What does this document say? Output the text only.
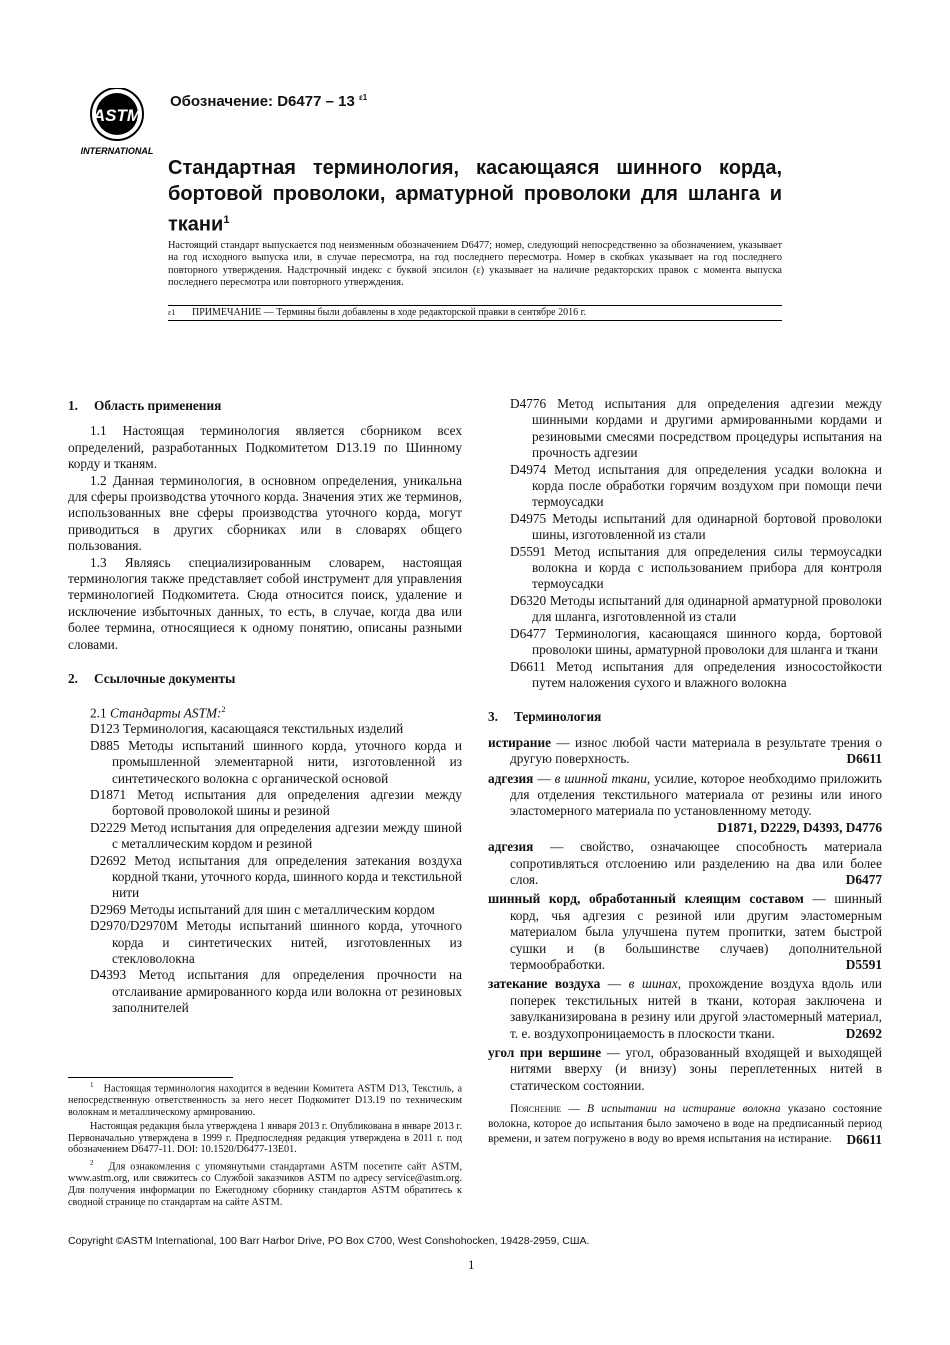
ASTM
INTERNATIONAL
Обозначение: D6477 – 13 $^{\varepsilon 1}$
Стандартная терминология, касающаяся шинного корда, бортовой проволоки, арматурной проволоки для шланга и ткани$^1$
Настоящий стандарт выпускается под неизменным обозначением D6477; номер, следующий непосредственно за обозначением, указывает на год исходного выпуска или, в случае пересмотра, на год последнего пересмотра. Номер в скобках указывает на год последнего повторного утверждения. Надстрочный индекс с буквой эпсилон (ε) указывает на наличие редакторских правок с момента выпуска последнего пересмотра или повторного утверждения.
ε1 ПРИМЕЧАНИЕ — Термины были добавлены в ходе редакторской правки в сентябре 2016 г.
1. Область применения

1.1 Настоящая терминология является сборником всех определений, разработанных Подкомитетом D13.19 по Шинному корду и тканям.

1.2 Данная терминология, в основном определения, уникальна для сферы производства уточного корда. Значения этих же терминов, использованных вне сферы производства уточного корда, могут приводиться в других сборниках или в словарях общего пользования.

1.3 Являясь специализированным словарем, настоящая терминология также представляет собой инструмент для управления терминологией Подкомитета. Сюда относится поиск, удаление и исключение избыточных данных, то есть, в случае, когда два или более термина, относящиеся к одному понятию, описаны разными словами.

2. Ссылочные документы

2.1 Стандарты ASTM:$^2$

D123 Терминология, касающаяся текстильных изделий
D885 Методы испытаний шинного корда, уточного корда и промышленной элементарной нити, изготовленной из синтетического волокна с органической основой
D1871 Метод испытания для определения адгезии между бортовой проволокой шины и резиной
D2229 Метод испытания для определения адгезии между шиной с металлическим кордом и резиной
D2692 Метод испытания для определения затекания воздуха кордной ткани, уточного корда, шинного корда и текстильной нити
D2969 Методы испытаний для шин с металлическим кордом
D2970/D2970M Методы испытаний шинного корда, уточного корда и синтетических нитей, изготовленных из стекловолокна
D4393 Метод испытания для определения прочности на отслаивание армированного корда или волокна от резиновых заполнителей
D4776 Метод испытания для определения адгезии между шинными кордами и другими армированными кордами и резиновыми смесями посредством процедуры испытания на прочность адгезии
D4974 Метод испытания для определения усадки волокна и корда после обработки горячим воздухом при помощи печи термоусадки
D4975 Методы испытаний для одинарной бортовой проволоки шины, изготовленной из стали
D5591 Метод испытания для определения силы термоусадки волокна и корда с использованием прибора для контроля термоусадки
D6320 Методы испытаний для одинарной арматурной проволоки для шланга, изготовленной из стали
D6477 Терминология, касающаяся шинного корда, бортовой проволоки шины, арматурной проволоки для шланга и ткани
D6611 Метод испытания для определения износостойкости путем наложения сухого и влажного волокна
3. Терминология
истирание — износ любой части материала в результате трения о другую поверхность.	D6611
адгезия — в шинной ткани, усилие, которое необходимо приложить для отделения текстильного материала от резины или иного эластомерного материала по установленному методу.
D1871, D2229, D4393, D4776
адгезия — свойство, означающее способность материала сопротивляться отслоению или разделению на два или более слоя.	D6477
шинный корд, обработанный клеящим составом — шинный корд, чья адгезия с резиной или другим эластомерным материалом была улучшена путем пропитки, затем быстрой сушки и (в большинстве случаев) дополнительной термообработки.	D5591
затекание воздуха — в шинах, прохождение воздуха вдоль или поперек текстильных нитей в ткани, которая заключена и завулканизирована в резину или другой эластомерный материал, т. е. воздухопроницаемость в плоскости ткани.	D2692
угол при вершине — угол, образованный входящей и выходящей нитями вверху (и внизу) зоны переплетенных нитей в статическом состоянии.
Пояснение — В испытании на истирание волокна указано состояние волокна, которое до испытания было замочено в воде на предписанный период времени, и затем погружено в воду во время испытания на истирание. D6611

$^1$ Настоящая терминология находится в ведении Комитета ASTM D13, Текстиль, а непосредственную ответственность за него несет Подкомитет D13.19 по техническим волокнам и металлическому армированию.

Настоящая редакция была утверждена 1 января 2013 г. Опубликована в январе 2013 г. Первоначально утверждена в 1999 г. Предпоследняя редакция утверждена в 2011 г. под обозначением D6477-11. DOI: 10.1520/D6477-13E01.

$^2$ Для ознакомления с упомянутыми стандартами ASTM посетите сайт ASTM, www.astm.org, или свяжитесь со Службой заказчиков ASTM по адресу service@astm.org. Для получения информации по Ежегодному сборнику стандартов ASTM обратитесь к сводной странице по стандартам на сайте ASTM.

Copyright ©ASTM International, 100 Barr Harbor Drive, PO Box C700, West Conshohocken, 19428-2959, США.
1
